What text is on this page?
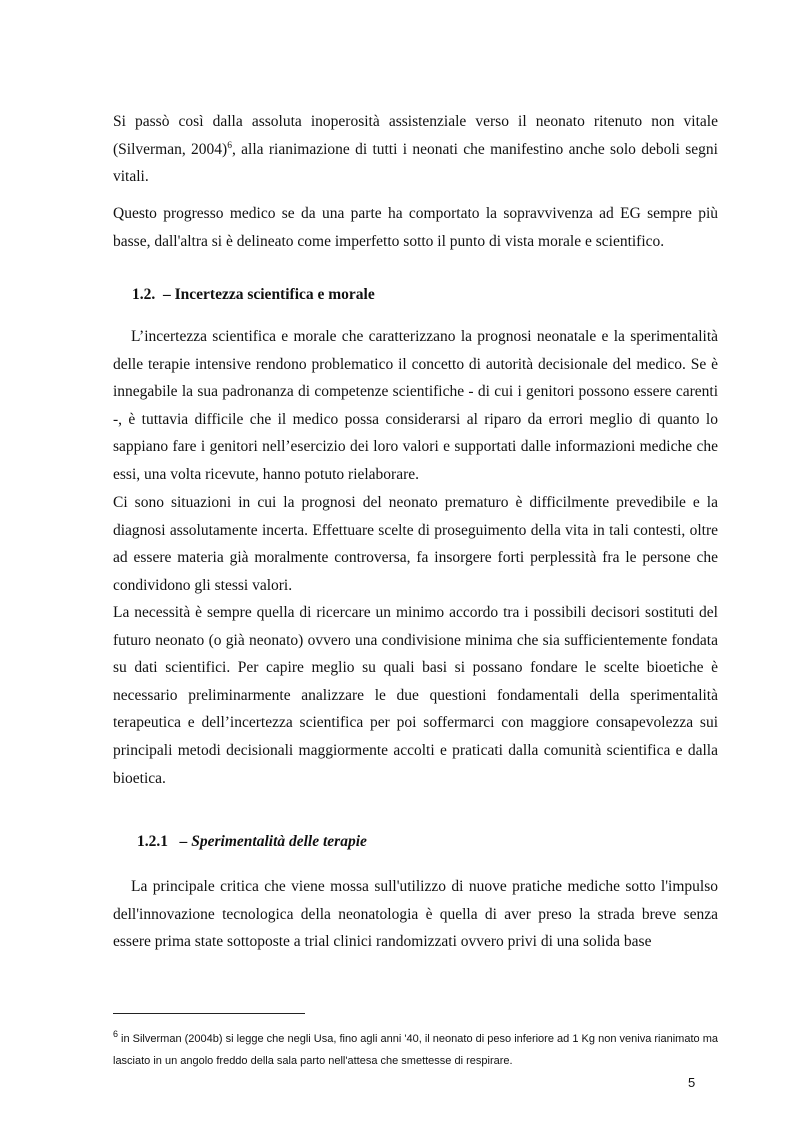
Si passò così dalla assoluta inoperosità assistenziale verso il neonato ritenuto non vitale (Silverman, 2004)$^6$, alla rianimazione di tutti i neonati che manifestino anche solo deboli segni vitali.

Questo progresso medico se da una parte ha comportato la sopravvivenza ad EG sempre più basse, dall'altra si è delineato come imperfetto sotto il punto di vista morale e scientifico.

1.2. – Incertezza scientifica e morale

L’incertezza scientifica e morale che caratterizzano la prognosi neonatale e la sperimentalità delle terapie intensive rendono problematico il concetto di autorità decisionale del medico. Se è innegabile la sua padronanza di competenze scientifiche - di cui i genitori possono essere carenti -, è tuttavia difficile che il medico possa considerarsi al riparo da errori meglio di quanto lo sappiano fare i genitori nell’esercizio dei loro valori e supportati dalle informazioni mediche che essi, una volta ricevute, hanno potuto rielaborare.

Ci sono situazioni in cui la prognosi del neonato prematuro è difficilmente prevedibile e la diagnosi assolutamente incerta. Effettuare scelte di proseguimento della vita in tali contesti, oltre ad essere materia già moralmente controversa, fa insorgere forti perplessità fra le persone che condividono gli stessi valori.

La necessità è sempre quella di ricercare un minimo accordo tra i possibili decisori sostituti del futuro neonato (o già neonato) ovvero una condivisione minima che sia sufficientemente fondata su dati scientifici. Per capire meglio su quali basi si possano fondare le scelte bioetiche è necessario preliminarmente analizzare le due questioni fondamentali della sperimentalità terapeutica e dell’incertezza scientifica per poi soffermarci con maggiore consapevolezza sui principali metodi decisionali maggiormente accolti e praticati dalla comunità scientifica e dalla bioetica.

1.2.1 – Sperimentalità delle terapie

La principale critica che viene mossa sull'utilizzo di nuove pratiche mediche sotto l'impulso dell'innovazione tecnologica della neonatologia è quella di aver preso la strada breve senza essere prima state sottoposte a trial clinici randomizzati ovvero privi di una solida base

$^6$ in Silverman (2004b) si legge che negli Usa, fino agli anni '40, il neonato di peso inferiore ad 1 Kg non veniva rianimato ma lasciato in un angolo freddo della sala parto nell'attesa che smettesse di respirare.

5
